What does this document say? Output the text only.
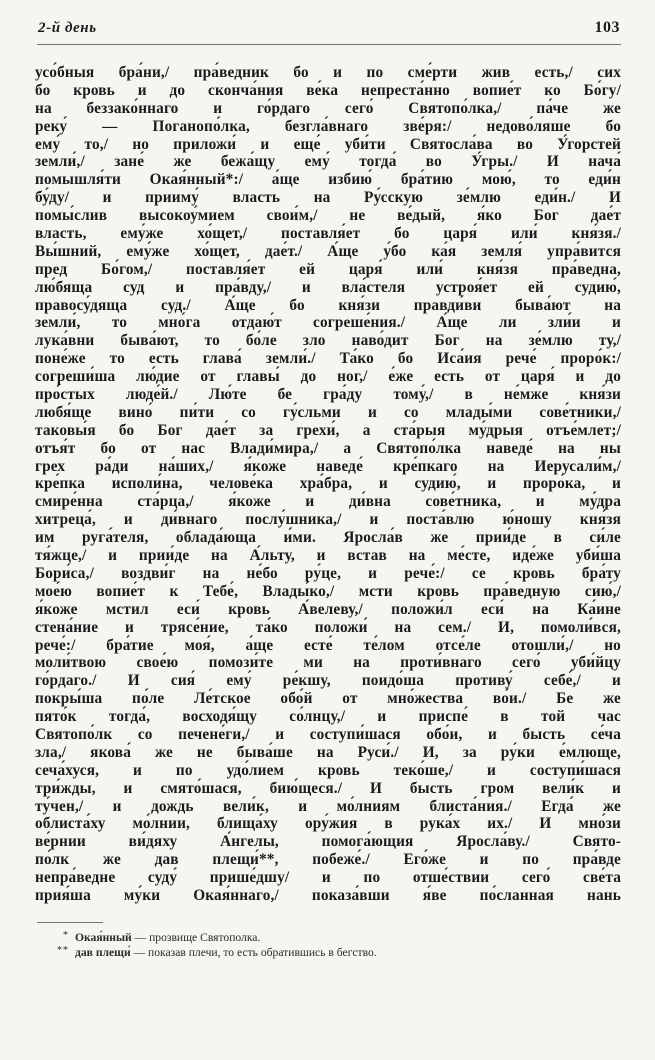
2-й день	103
усо́бныя бра́ни,/ пра́ведник бо и по сме́рти жив есть,/ сих
бо кровь и до сконча́ния ве́ка непреста́нно вопие́т ко Бо́гу/
на беззако́ннаго и го́рдаго сего́ Святопо́лка,/ па́че же
реку́ — Поганопо́лка, безгла́внаго зве́ря:/ недово́ляше бо
ему́ то,/ но приложи́ и еще́ уби́ти Святосла́ва во У́горстей
земли́,/ зане́ же бежа́щу ему́ тогда́ во У́гры./ И нача́
помышля́ти Окая́нный*:/ а́ще избию́ бра́тию мою́, то еди́н
бу́ду/ и прииму́ власть на Ру́сскую зе́млю еди́н./ И
помы́слив высокоу́мием свои́м,/ не ве́дый, я́ко Бог дае́т
власть, ему́же хо́щет,/ поставля́ет бо царя́ или́ кня́зя./
Вы́шний, ему́же хо́щет, дае́т./ А́ще у́бо ка́я земля́ упра́вится
пред Бо́гом,/ поставля́ет ей царя́ или́ кня́зя пра́ведна,
лю́бяща суд и пра́вду,/ и вла́стеля устроя́ет ей судию́,
правосу́дяща суд./ А́ще бо кня́зи правди́ви быва́ют на
земли́, то мно́га отдаю́т согреше́ния./ А́ще ли зли́и и
лука́вни быва́ют, то бо́ле зло наво́дит Бог на зе́млю ту,/
поне́же то есть глава́ земли́./ Та́ко бо Иса́ия рече́ проро́к:/
согреши́ша лю́дие от главы́ до ног,/ е́же есть от царя́ и до
про́стых люде́й./ Лю́те бе гра́ду тому́,/ в не́мже кня́зи
любя́ще вино́ пи́ти со гу́сльми и со млады́ми сове́тники,/
таковы́я бо Бог дае́т за грехи́, а ста́рыя му́дрыя отъе́млет;/
отъя́т бо от нас Влади́мира,/ а Святопо́лка наведе́ на ны
грех ра́ди на́ших,/ я́коже наведе́ кре́пкаго на Иерусали́м,/
кре́пка исполи́на, челове́ка хра́бра, и судию́, и проро́ка, и
смире́нна ста́рца,/ я́коже и ди́вна сове́тника, и му́дра
хитреца́, и ди́внаго послу́шника,/ и поста́влю ю́ношу кня́зя
им руга́теля, облада́юща и́ми. Яросла́в же прии́де в си́ле
тя́жце,/ и прии́де на А́льту, и встав на ме́сте, иде́же уби́ша
Бори́са,/ воздви́г на не́бо ру́це, и рече́:/ се кровь бра́ту
мое́ю вопие́т к Тебе́, Влады́ко,/ мсти кровь пра́ведную сию́,/
я́коже мстил еси́ кровь А́велеву,/ положи́л еси́ на Ка́ине
стена́ние и трясе́ние, та́ко положи́ на сем./ И, помоли́вся,
рече́:/ бра́тие моя́, а́ще есте́ те́лом отсе́ле отошли́,/ но
моли́твою свое́ю помози́те ми на проти́внаго сего́ уби́йцу
го́рдаго./ И сия́ ему́ ре́кшу, поидо́ша противу́ себе́,/ и
покры́ша по́ле Ле́тское обо́й от мно́жества во́и./ Бе же
пято́к тогда́, восходя́щу со́лнцу,/ и приспе́ в той час
Святопо́лк со печене́ги,/ и соступи́шася обо́и, и бысть се́ча
зла,/ якова́ же не быва́ше на Руси́./ И, за ру́ки е́млюще,
сеча́хуся, и по удо́лием кровь теко́ше,/ и соступи́шася
три́жды, и смято́шася, бию́щеся./ И бысть гром вели́к и
ту́чен,/ и дождь вели́к, и мо́лниям блиста́ния./ Егда́ же
облиста́ху мо́лнии, блища́ху ору́жия в рука́х их./ И мно́зи
ве́рнии ви́дяху А́нгелы, помога́ющия Яросла́ву./ Свято-
по́лк же дав плещи́**, побеже́./ Его́же и по пра́вде
непра́ведне суду́ прише́дшу/ и по отше́ствии сего́ све́та
прия́ша му́ки Окая́ннаго,/ показа́вши я́ве по́сланная нань
* Окая́нный — прозвище Святополка.
** дав плещи́ — показав плечи, то есть обратившись в бегство.
